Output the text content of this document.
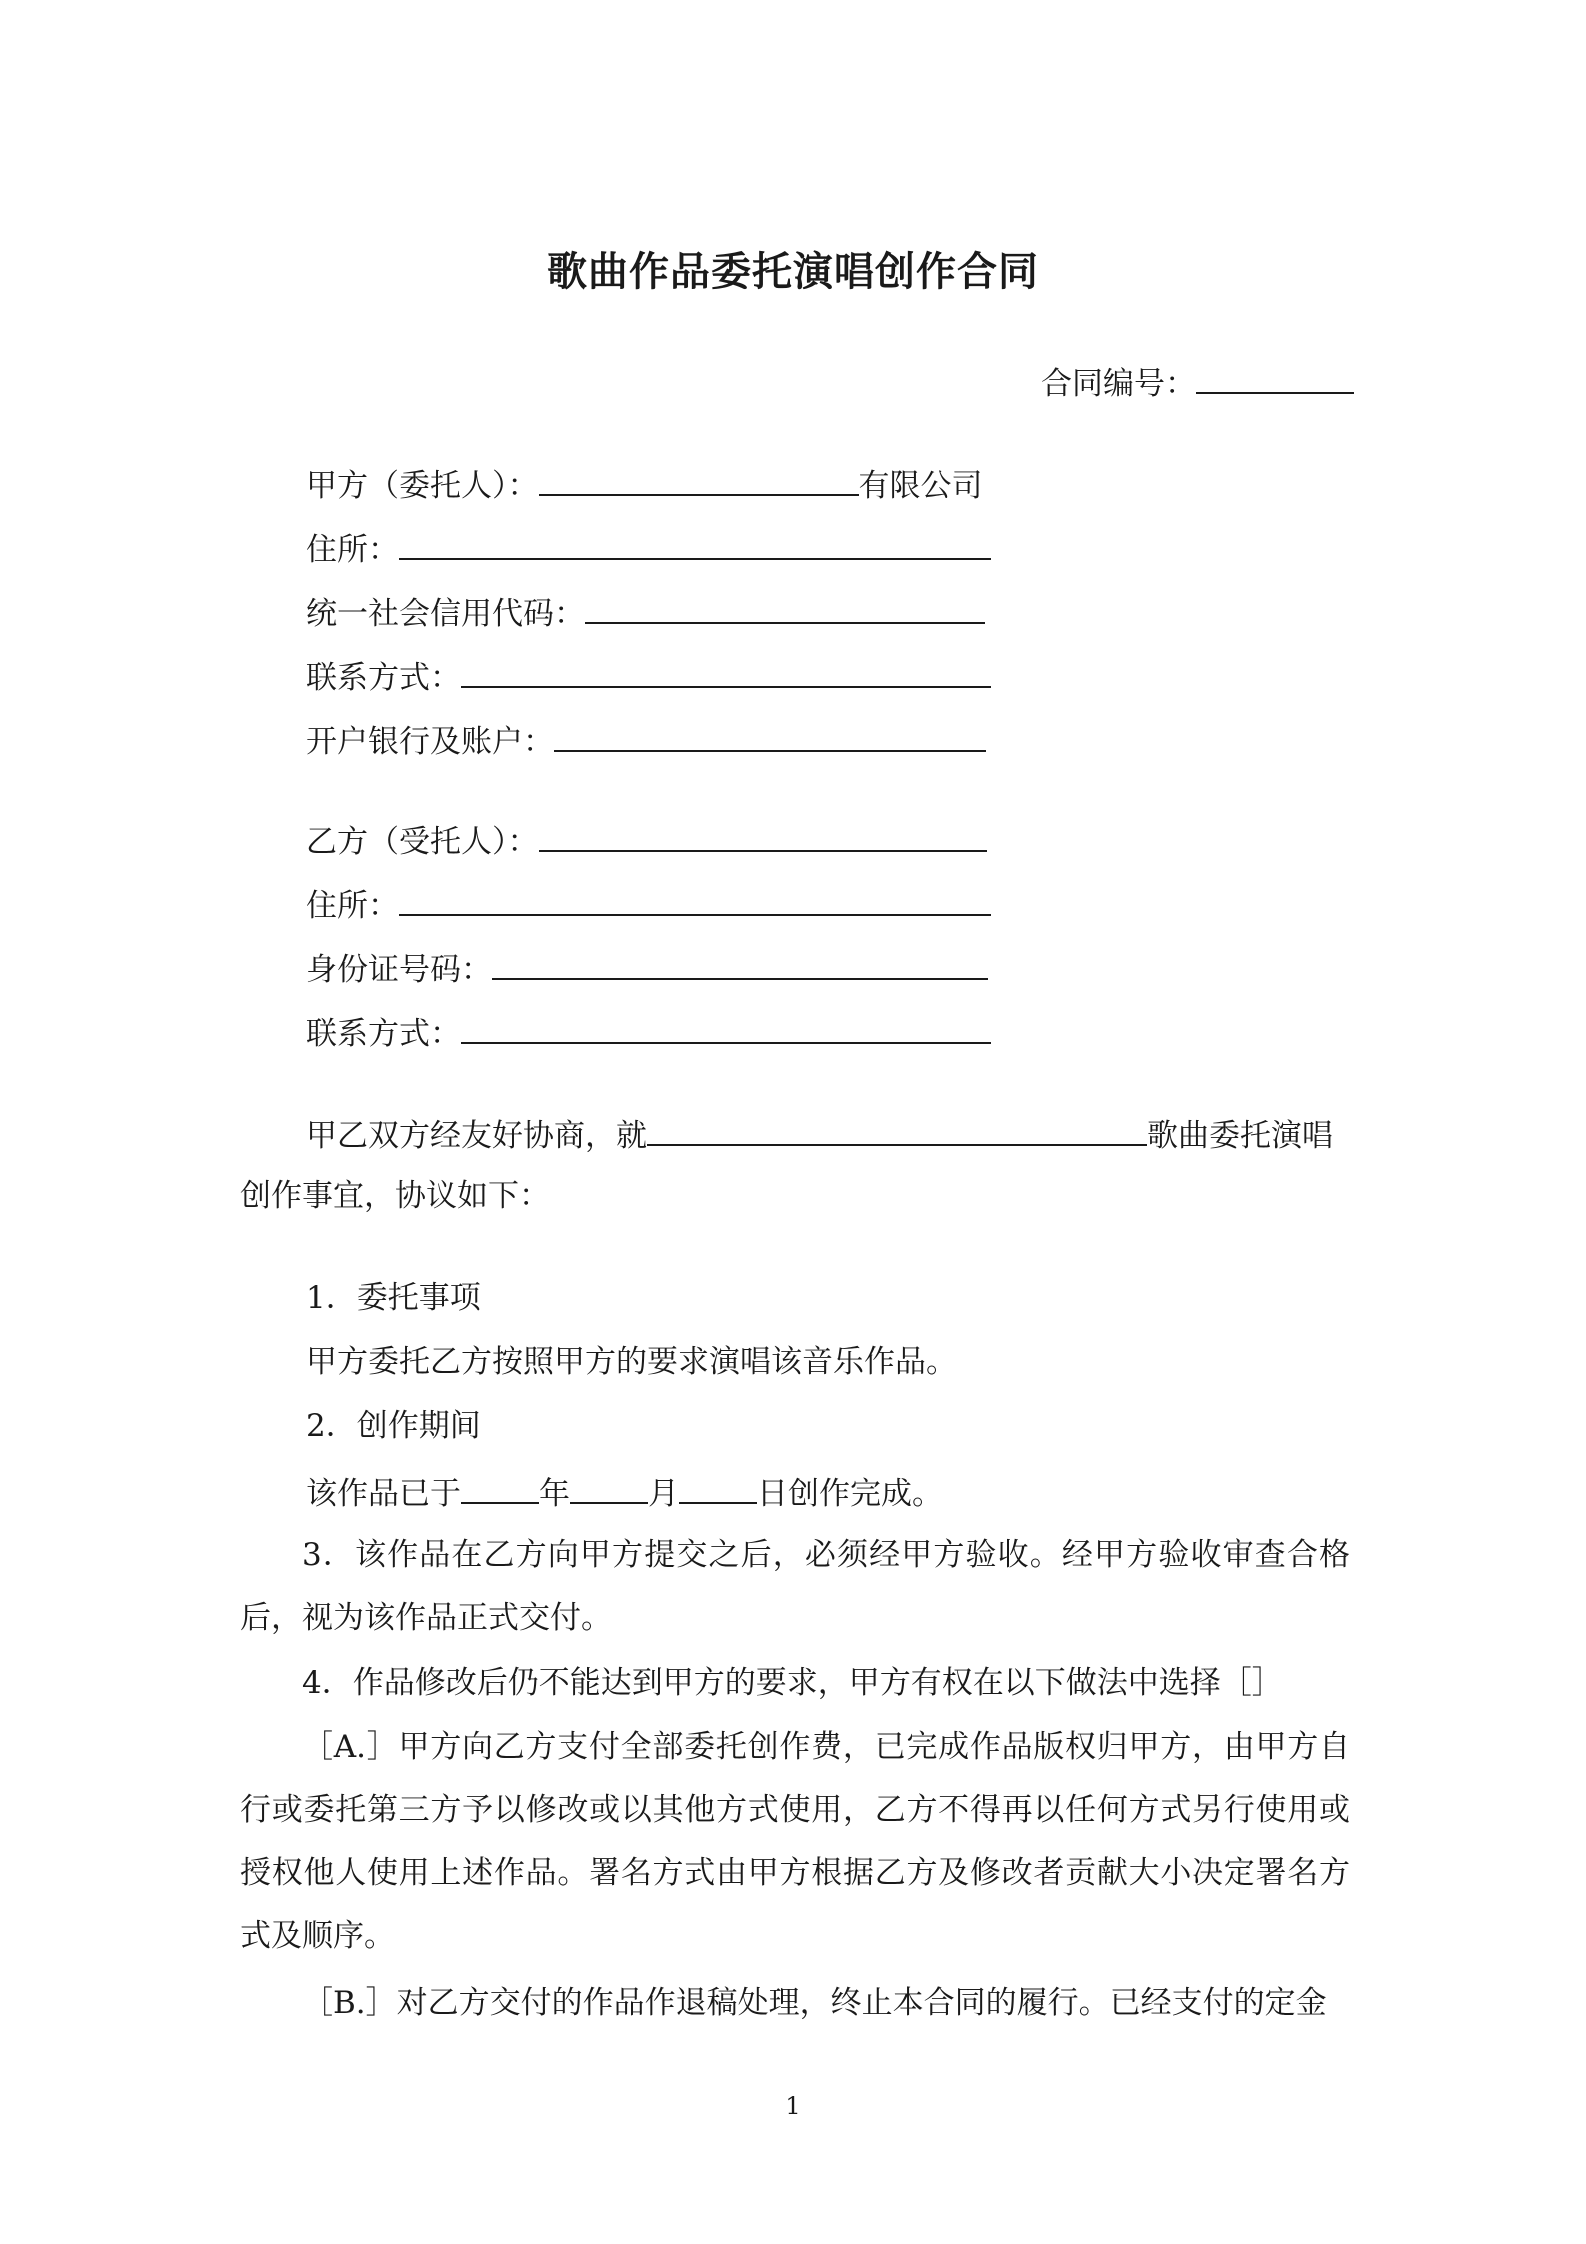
歌曲作品委托演唱创作合同
合同编号：
甲方（委托人）：	有限公司
住所：
统一社会信用代码：
联系方式：
开户银行及账户：
乙方（受托人）：
住所：
身份证号码：
联系方式：
甲乙双方经友好协商，就	歌曲委托演唱
创作事宜，协议如下：
1．委托事项
甲方委托乙方按照甲方的要求演唱该音乐作品。
2．创作期间
该作品已于	年	月	日创作完成。
3．该作品在乙方向甲方提交之后，必须经甲方验收。经甲方验收审查合格后，视为该作品正式交付。
4．作品修改后仍不能达到甲方的要求，甲方有权在以下做法中选择［］
［A.］甲方向乙方支付全部委托创作费，已完成作品版权归甲方，由甲方自行或委托第三方予以修改或以其他方式使用，乙方不得再以任何方式另行使用或授权他人使用上述作品。署名方式由甲方根据乙方及修改者贡献大小决定署名方式及顺序。
［B.］对乙方交付的作品作退稿处理，终止本合同的履行。已经支付的定金
1
